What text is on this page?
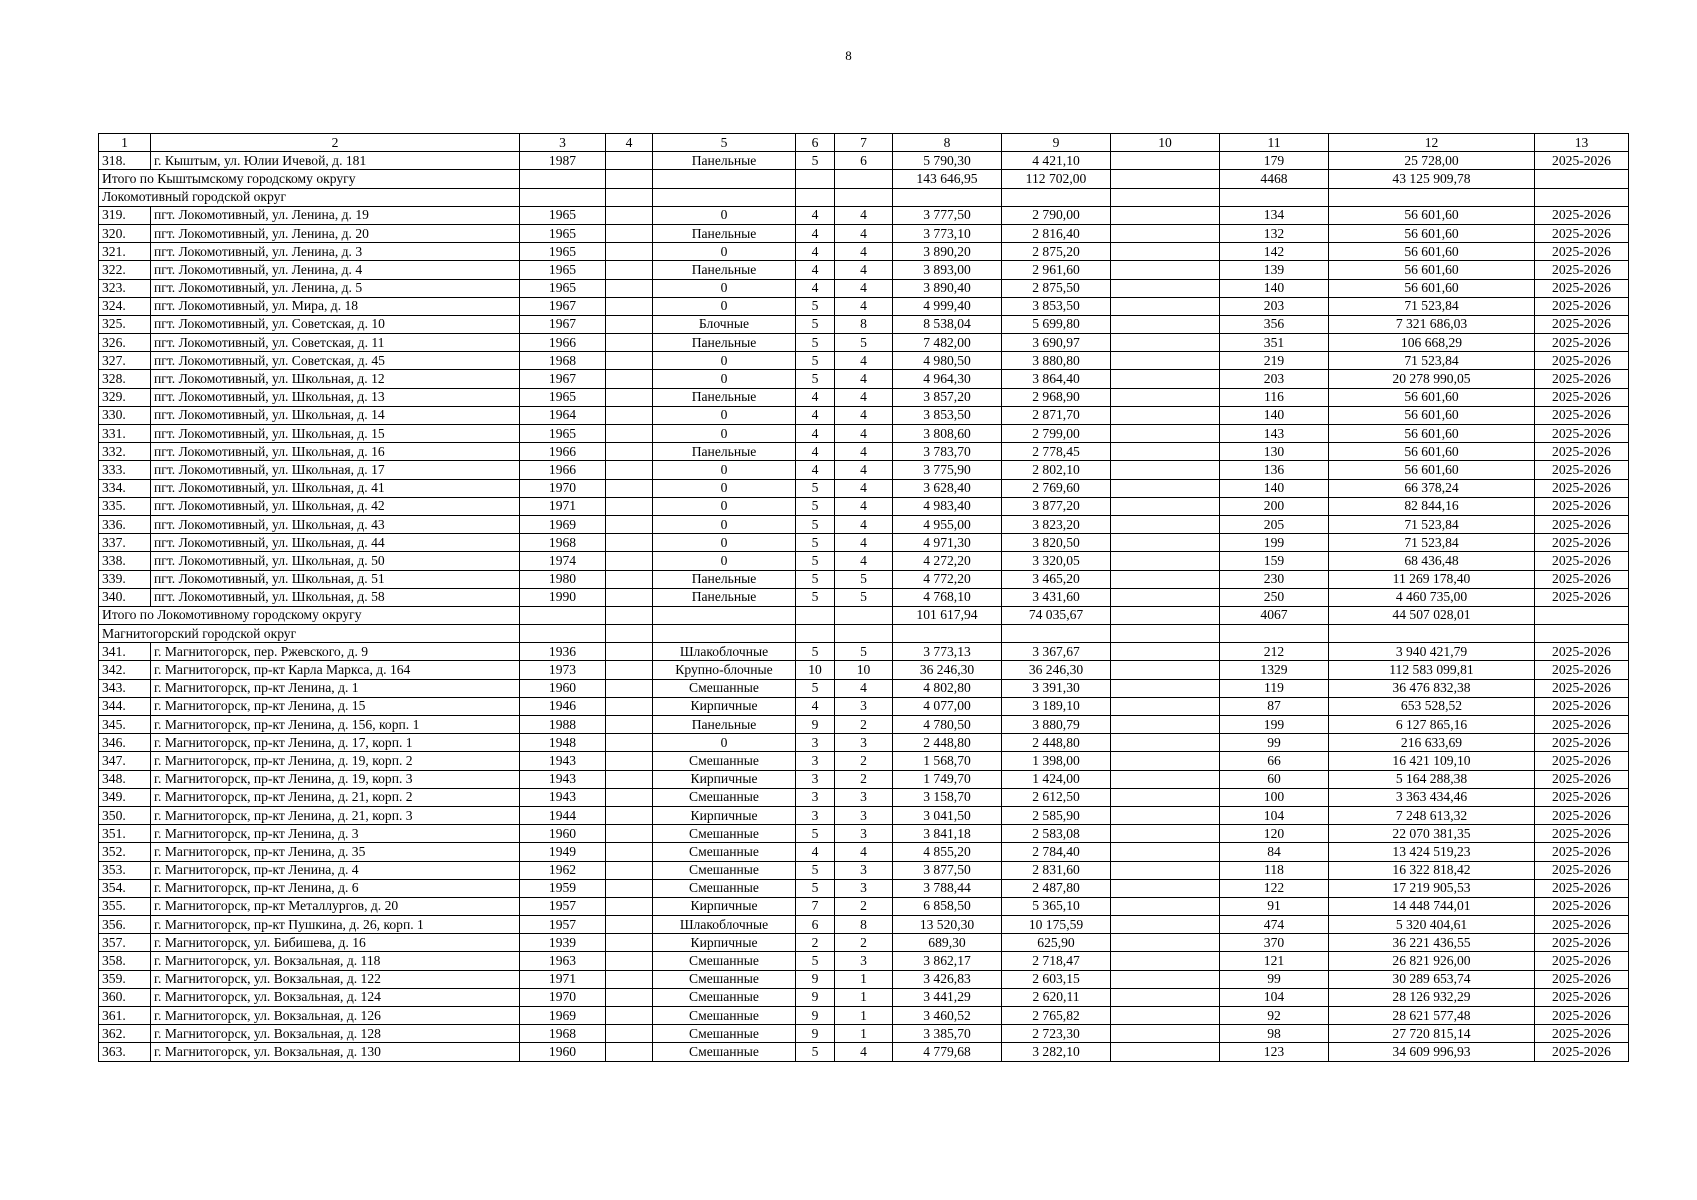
8
1	2	3	4	5	6	7	8	9	10	11	12	13
318.	г. Кыштым, ул. Юлии Ичевой, д. 181	1987		Панельные	5	6	5 790,30	4 421,10		179	25 728,00	2025-2026
Итого по Кыштымскому городскому округу							143 646,95	112 702,00		4468	43 125 909,78	
Локомотивный городской округ												
319.	пгт. Локомотивный, ул. Ленина, д. 19	1965		0	4	4	3 777,50	2 790,00		134	56 601,60	2025-2026
320.	пгт. Локомотивный, ул. Ленина, д. 20	1965		Панельные	4	4	3 773,10	2 816,40		132	56 601,60	2025-2026
321.	пгт. Локомотивный, ул. Ленина, д. 3	1965		0	4	4	3 890,20	2 875,20		142	56 601,60	2025-2026
322.	пгт. Локомотивный, ул. Ленина, д. 4	1965		Панельные	4	4	3 893,00	2 961,60		139	56 601,60	2025-2026
323.	пгт. Локомотивный, ул. Ленина, д. 5	1965		0	4	4	3 890,40	2 875,50		140	56 601,60	2025-2026
324.	пгт. Локомотивный, ул. Мира, д. 18	1967		0	5	4	4 999,40	3 853,50		203	71 523,84	2025-2026
325.	пгт. Локомотивный, ул. Советская, д. 10	1967		Блочные	5	8	8 538,04	5 699,80		356	7 321 686,03	2025-2026
326.	пгт. Локомотивный, ул. Советская, д. 11	1966		Панельные	5	5	7 482,00	3 690,97		351	106 668,29	2025-2026
327.	пгт. Локомотивный, ул. Советская, д. 45	1968		0	5	4	4 980,50	3 880,80		219	71 523,84	2025-2026
328.	пгт. Локомотивный, ул. Школьная, д. 12	1967		0	5	4	4 964,30	3 864,40		203	20 278 990,05	2025-2026
329.	пгт. Локомотивный, ул. Школьная, д. 13	1965		Панельные	4	4	3 857,20	2 968,90		116	56 601,60	2025-2026
330.	пгт. Локомотивный, ул. Школьная, д. 14	1964		0	4	4	3 853,50	2 871,70		140	56 601,60	2025-2026
331.	пгт. Локомотивный, ул. Школьная, д. 15	1965		0	4	4	3 808,60	2 799,00		143	56 601,60	2025-2026
332.	пгт. Локомотивный, ул. Школьная, д. 16	1966		Панельные	4	4	3 783,70	2 778,45		130	56 601,60	2025-2026
333.	пгт. Локомотивный, ул. Школьная, д. 17	1966		0	4	4	3 775,90	2 802,10		136	56 601,60	2025-2026
334.	пгт. Локомотивный, ул. Школьная, д. 41	1970		0	5	4	3 628,40	2 769,60		140	66 378,24	2025-2026
335.	пгт. Локомотивный, ул. Школьная, д. 42	1971		0	5	4	4 983,40	3 877,20		200	82 844,16	2025-2026
336.	пгт. Локомотивный, ул. Школьная, д. 43	1969		0	5	4	4 955,00	3 823,20		205	71 523,84	2025-2026
337.	пгт. Локомотивный, ул. Школьная, д. 44	1968		0	5	4	4 971,30	3 820,50		199	71 523,84	2025-2026
338.	пгт. Локомотивный, ул. Школьная, д. 50	1974		0	5	4	4 272,20	3 320,05		159	68 436,48	2025-2026
339.	пгт. Локомотивный, ул. Школьная, д. 51	1980		Панельные	5	5	4 772,20	3 465,20		230	11 269 178,40	2025-2026
340.	пгт. Локомотивный, ул. Школьная, д. 58	1990		Панельные	5	5	4 768,10	3 431,60		250	4 460 735,00	2025-2026
Итого по Локомотивному городскому округу							101 617,94	74 035,67		4067	44 507 028,01	
Магнитогорский городской округ												
341.	г. Магнитогорск, пер. Ржевского, д. 9	1936		Шлакоблочные	5	5	3 773,13	3 367,67		212	3 940 421,79	2025-2026
342.	г. Магнитогорск, пр-кт Карла Маркса, д. 164	1973		Крупно-блочные	10	10	36 246,30	36 246,30		1329	112 583 099,81	2025-2026
343.	г. Магнитогорск, пр-кт Ленина, д. 1	1960		Смешанные	5	4	4 802,80	3 391,30		119	36 476 832,38	2025-2026
344.	г. Магнитогорск, пр-кт Ленина, д. 15	1946		Кирпичные	4	3	4 077,00	3 189,10		87	653 528,52	2025-2026
345.	г. Магнитогорск, пр-кт Ленина, д. 156, корп. 1	1988		Панельные	9	2	4 780,50	3 880,79		199	6 127 865,16	2025-2026
346.	г. Магнитогорск, пр-кт Ленина, д. 17, корп. 1	1948		0	3	3	2 448,80	2 448,80		99	216 633,69	2025-2026
347.	г. Магнитогорск, пр-кт Ленина, д. 19, корп. 2	1943		Смешанные	3	2	1 568,70	1 398,00		66	16 421 109,10	2025-2026
348.	г. Магнитогорск, пр-кт Ленина, д. 19, корп. 3	1943		Кирпичные	3	2	1 749,70	1 424,00		60	5 164 288,38	2025-2026
349.	г. Магнитогорск, пр-кт Ленина, д. 21, корп. 2	1943		Смешанные	3	3	3 158,70	2 612,50		100	3 363 434,46	2025-2026
350.	г. Магнитогорск, пр-кт Ленина, д. 21, корп. 3	1944		Кирпичные	3	3	3 041,50	2 585,90		104	7 248 613,32	2025-2026
351.	г. Магнитогорск, пр-кт Ленина, д. 3	1960		Смешанные	5	3	3 841,18	2 583,08		120	22 070 381,35	2025-2026
352.	г. Магнитогорск, пр-кт Ленина, д. 35	1949		Смешанные	4	4	4 855,20	2 784,40		84	13 424 519,23	2025-2026
353.	г. Магнитогорск, пр-кт Ленина, д. 4	1962		Смешанные	5	3	3 877,50	2 831,60		118	16 322 818,42	2025-2026
354.	г. Магнитогорск, пр-кт Ленина, д. 6	1959		Смешанные	5	3	3 788,44	2 487,80		122	17 219 905,53	2025-2026
355.	г. Магнитогорск, пр-кт Металлургов, д. 20	1957		Кирпичные	7	2	6 858,50	5 365,10		91	14 448 744,01	2025-2026
356.	г. Магнитогорск, пр-кт Пушкина, д. 26, корп. 1	1957		Шлакоблочные	6	8	13 520,30	10 175,59		474	5 320 404,61	2025-2026
357.	г. Магнитогорск, ул. Бибишева, д. 16	1939		Кирпичные	2	2	689,30	625,90		370	36 221 436,55	2025-2026
358.	г. Магнитогорск, ул. Вокзальная, д. 118	1963		Смешанные	5	3	3 862,17	2 718,47		121	26 821 926,00	2025-2026
359.	г. Магнитогорск, ул. Вокзальная, д. 122	1971		Смешанные	9	1	3 426,83	2 603,15		99	30 289 653,74	2025-2026
360.	г. Магнитогорск, ул. Вокзальная, д. 124	1970		Смешанные	9	1	3 441,29	2 620,11		104	28 126 932,29	2025-2026
361.	г. Магнитогорск, ул. Вокзальная, д. 126	1969		Смешанные	9	1	3 460,52	2 765,82		92	28 621 577,48	2025-2026
362.	г. Магнитогорск, ул. Вокзальная, д. 128	1968		Смешанные	9	1	3 385,70	2 723,30		98	27 720 815,14	2025-2026
363.	г. Магнитогорск, ул. Вокзальная, д. 130	1960		Смешанные	5	4	4 779,68	3 282,10		123	34 609 996,93	2025-2026
